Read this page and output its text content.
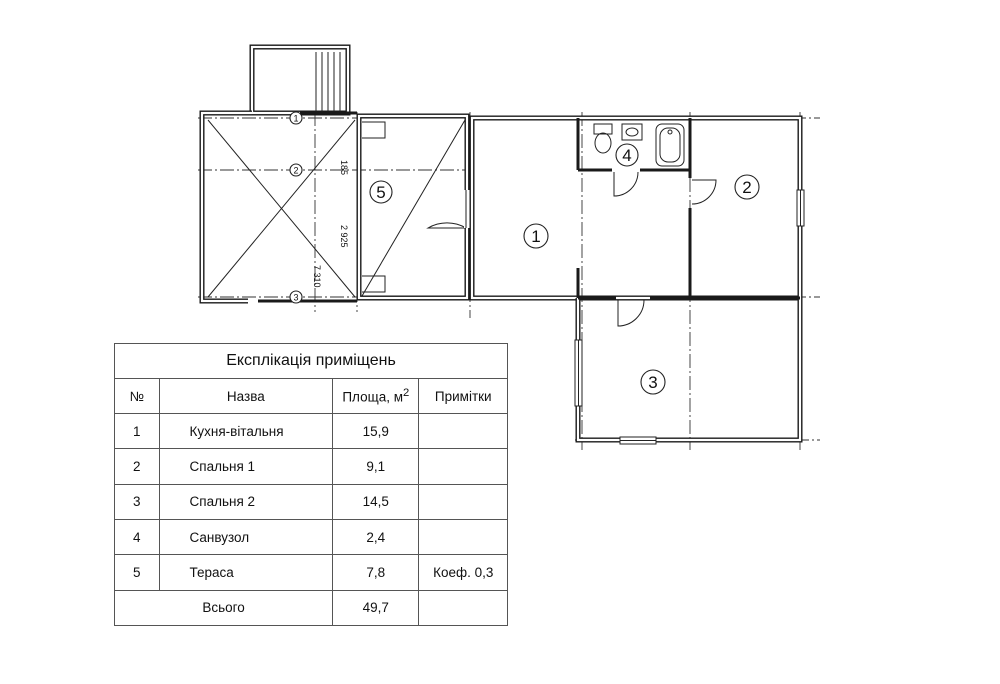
1
2
3
185
2 925
7 310
5
1
2
3
4
Експлікація приміщень			
№	Назва	Площа, $м^2$	Примітки
1	Кухня-вітальня	15,9	
2	Спальня 1	9,1	
3	Спальня 2	14,5	
4	Санвузол	2,4	
5	Тераса	7,8	Коеф. 0,3
Всього		49,7	
